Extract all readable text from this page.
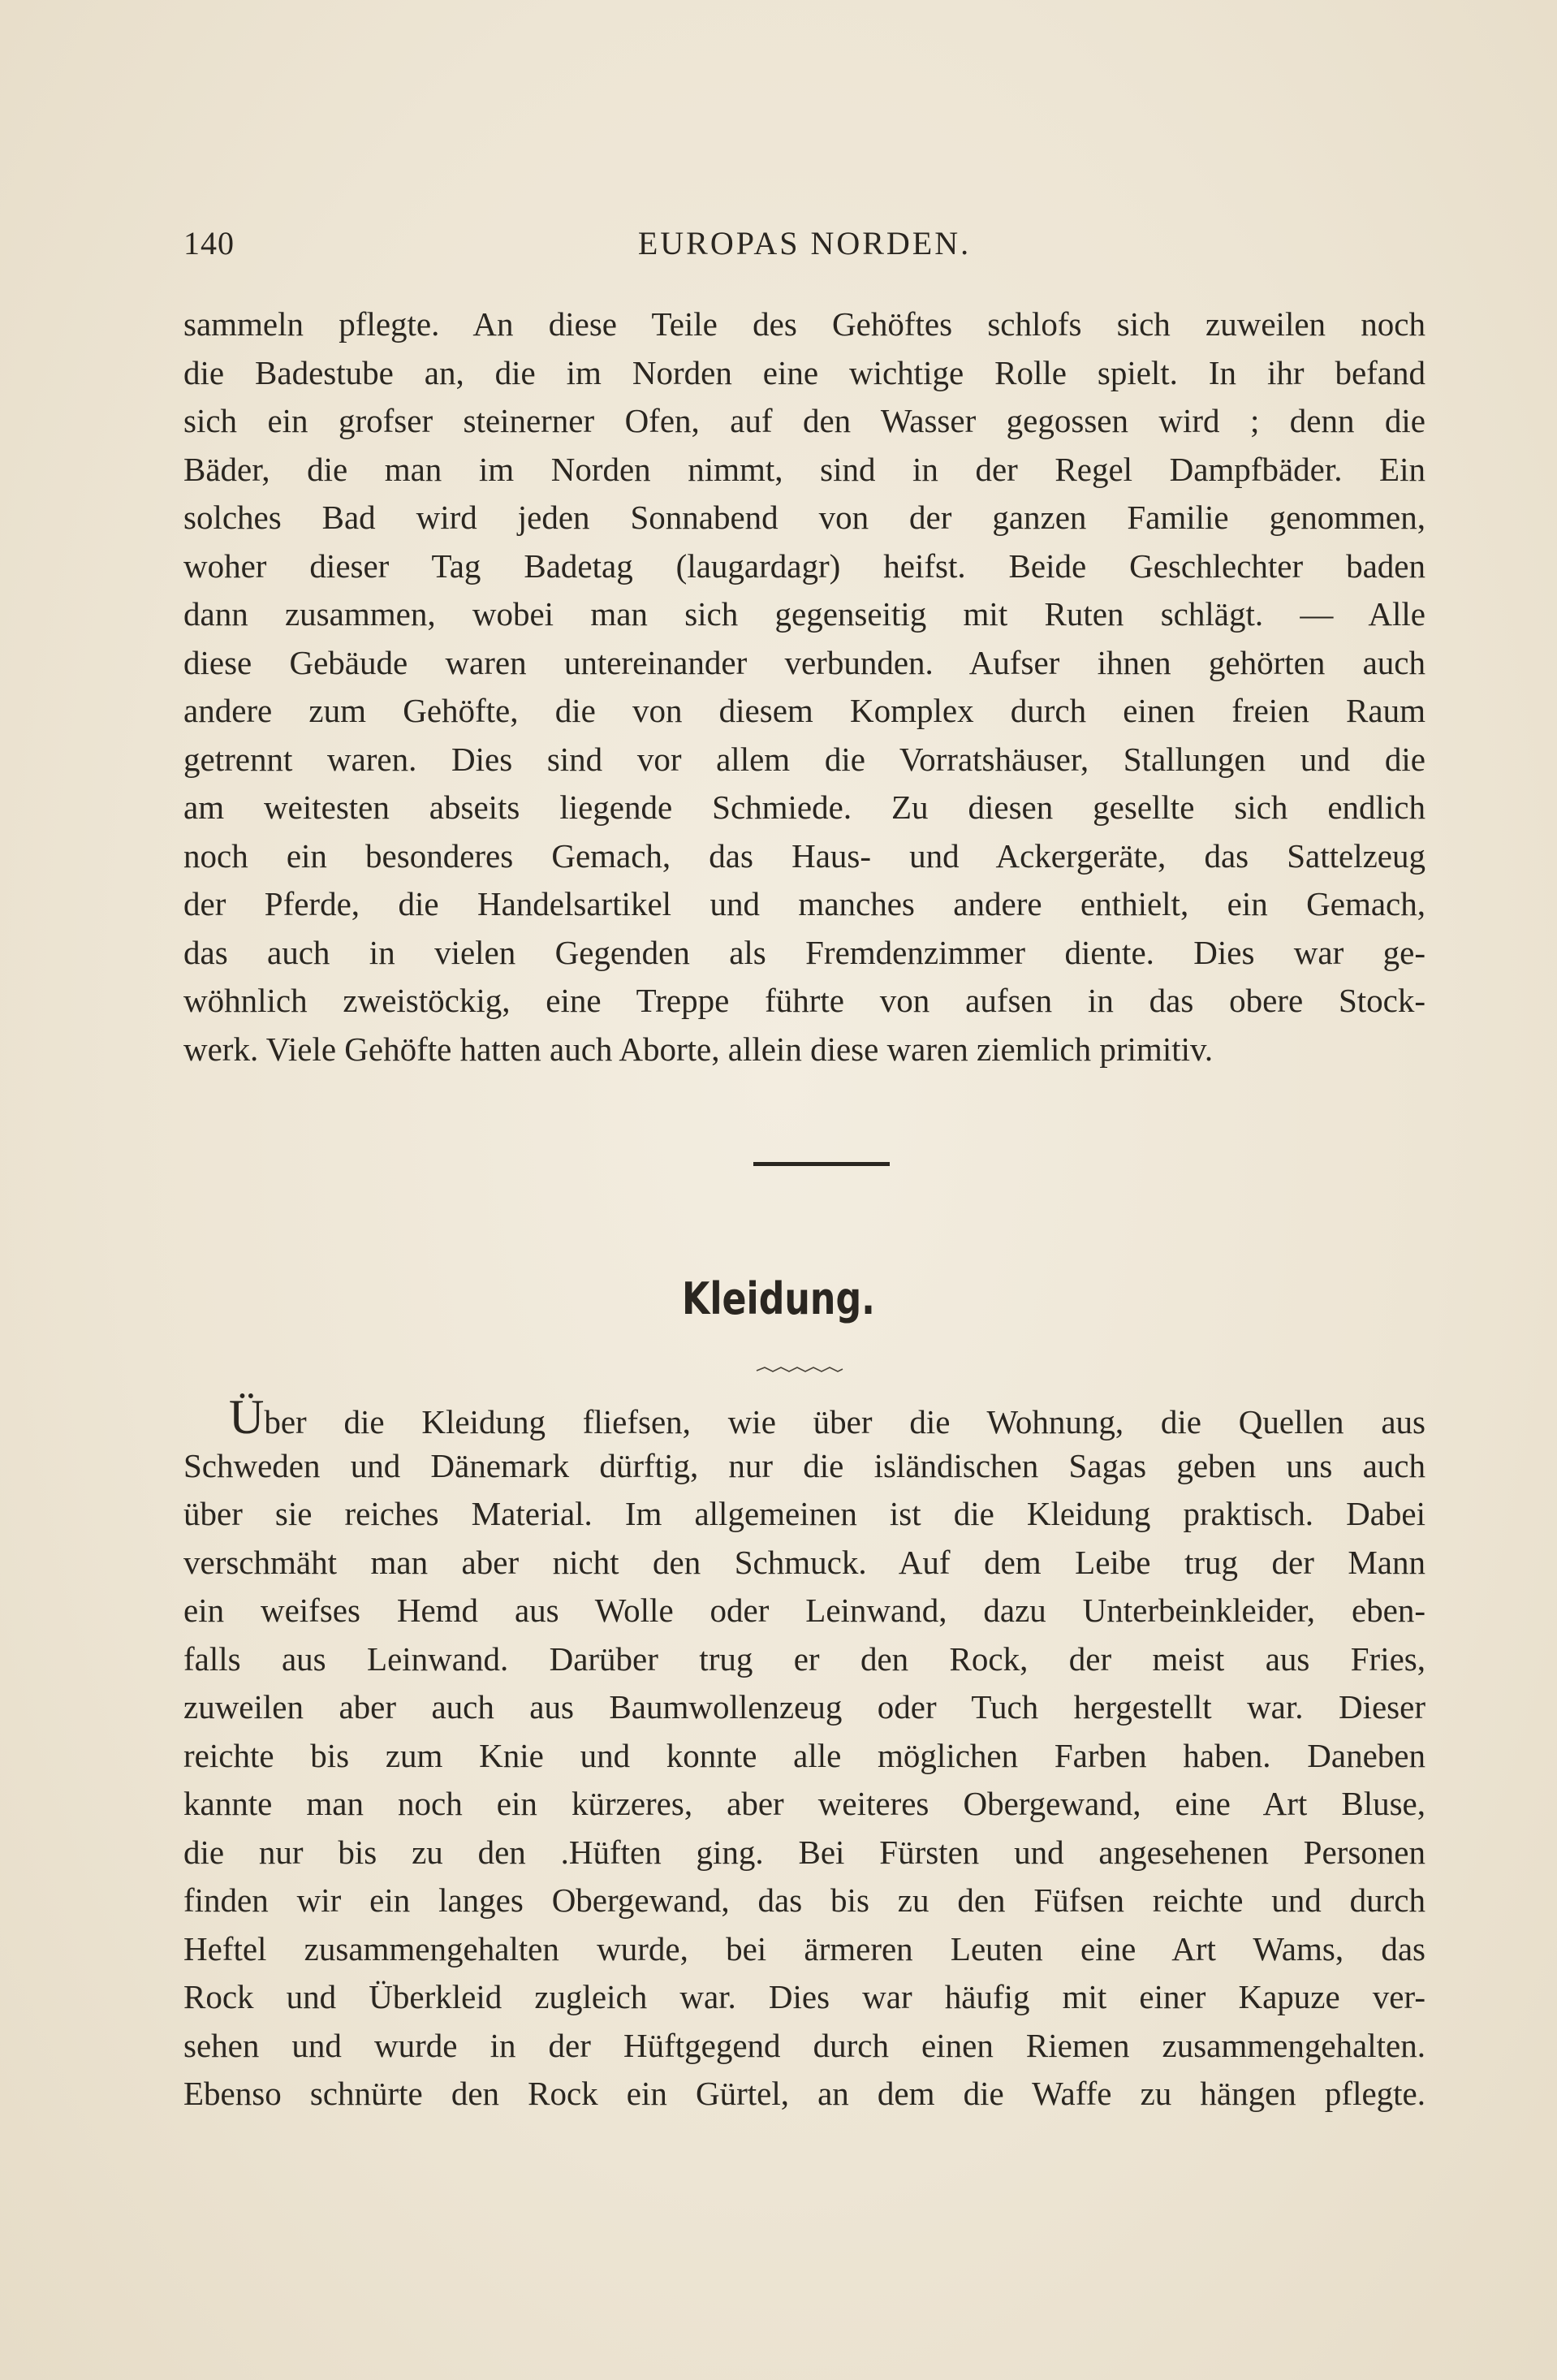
140	EUROPAS NORDEN.
sammeln pflegte. An diese Teile des Gehöftes schlofs sich zuweilen noch
die Badestube an, die im Norden eine wichtige Rolle spielt. In ihr befand
sich ein grofser steinerner Ofen, auf den Wasser gegossen wird ; denn die
Bäder, die man im Norden nimmt, sind in der Regel Dampfbäder. Ein
solches Bad wird jeden Sonnabend von der ganzen Familie genommen,
woher dieser Tag Badetag (laugardagr) heifst. Beide Geschlechter baden
dann zusammen, wobei man sich gegenseitig mit Ruten schlägt. — Alle
diese Gebäude waren untereinander verbunden. Aufser ihnen gehörten auch
andere zum Gehöfte, die von diesem Komplex durch einen freien Raum
getrennt waren. Dies sind vor allem die Vorratshäuser, Stallungen und die
am weitesten abseits liegende Schmiede. Zu diesen gesellte sich endlich
noch ein besonderes Gemach, das Haus- und Ackergeräte, das Sattelzeug
der Pferde, die Handelsartikel und manches andere enthielt, ein Gemach,
das auch in vielen Gegenden als Fremdenzimmer diente. Dies war ge-
wöhnlich zweistöckig, eine Treppe führte von aufsen in das obere Stock-
werk. Viele Gehöfte hatten auch Aborte, allein diese waren ziemlich primitiv.
Kleidung.
Über die Kleidung fliefsen, wie über die Wohnung, die Quellen aus
Schweden und Dänemark dürftig, nur die isländischen Sagas geben uns auch
über sie reiches Material. Im allgemeinen ist die Kleidung praktisch. Dabei
verschmäht man aber nicht den Schmuck. Auf dem Leibe trug der Mann
ein weifses Hemd aus Wolle oder Leinwand, dazu Unterbeinkleider, eben-
falls aus Leinwand. Darüber trug er den Rock, der meist aus Fries,
zuweilen aber auch aus Baumwollenzeug oder Tuch hergestellt war. Dieser
reichte bis zum Knie und konnte alle möglichen Farben haben. Daneben
kannte man noch ein kürzeres, aber weiteres Obergewand, eine Art Bluse,
die nur bis zu den .Hüften ging. Bei Fürsten und angesehenen Personen
finden wir ein langes Obergewand, das bis zu den Füfsen reichte und durch
Heftel zusammengehalten wurde, bei ärmeren Leuten eine Art Wams, das
Rock und Überkleid zugleich war. Dies war häufig mit einer Kapuze ver-
sehen und wurde in der Hüftgegend durch einen Riemen zusammengehalten.
Ebenso schnürte den Rock ein Gürtel, an dem die Waffe zu hängen pflegte.
